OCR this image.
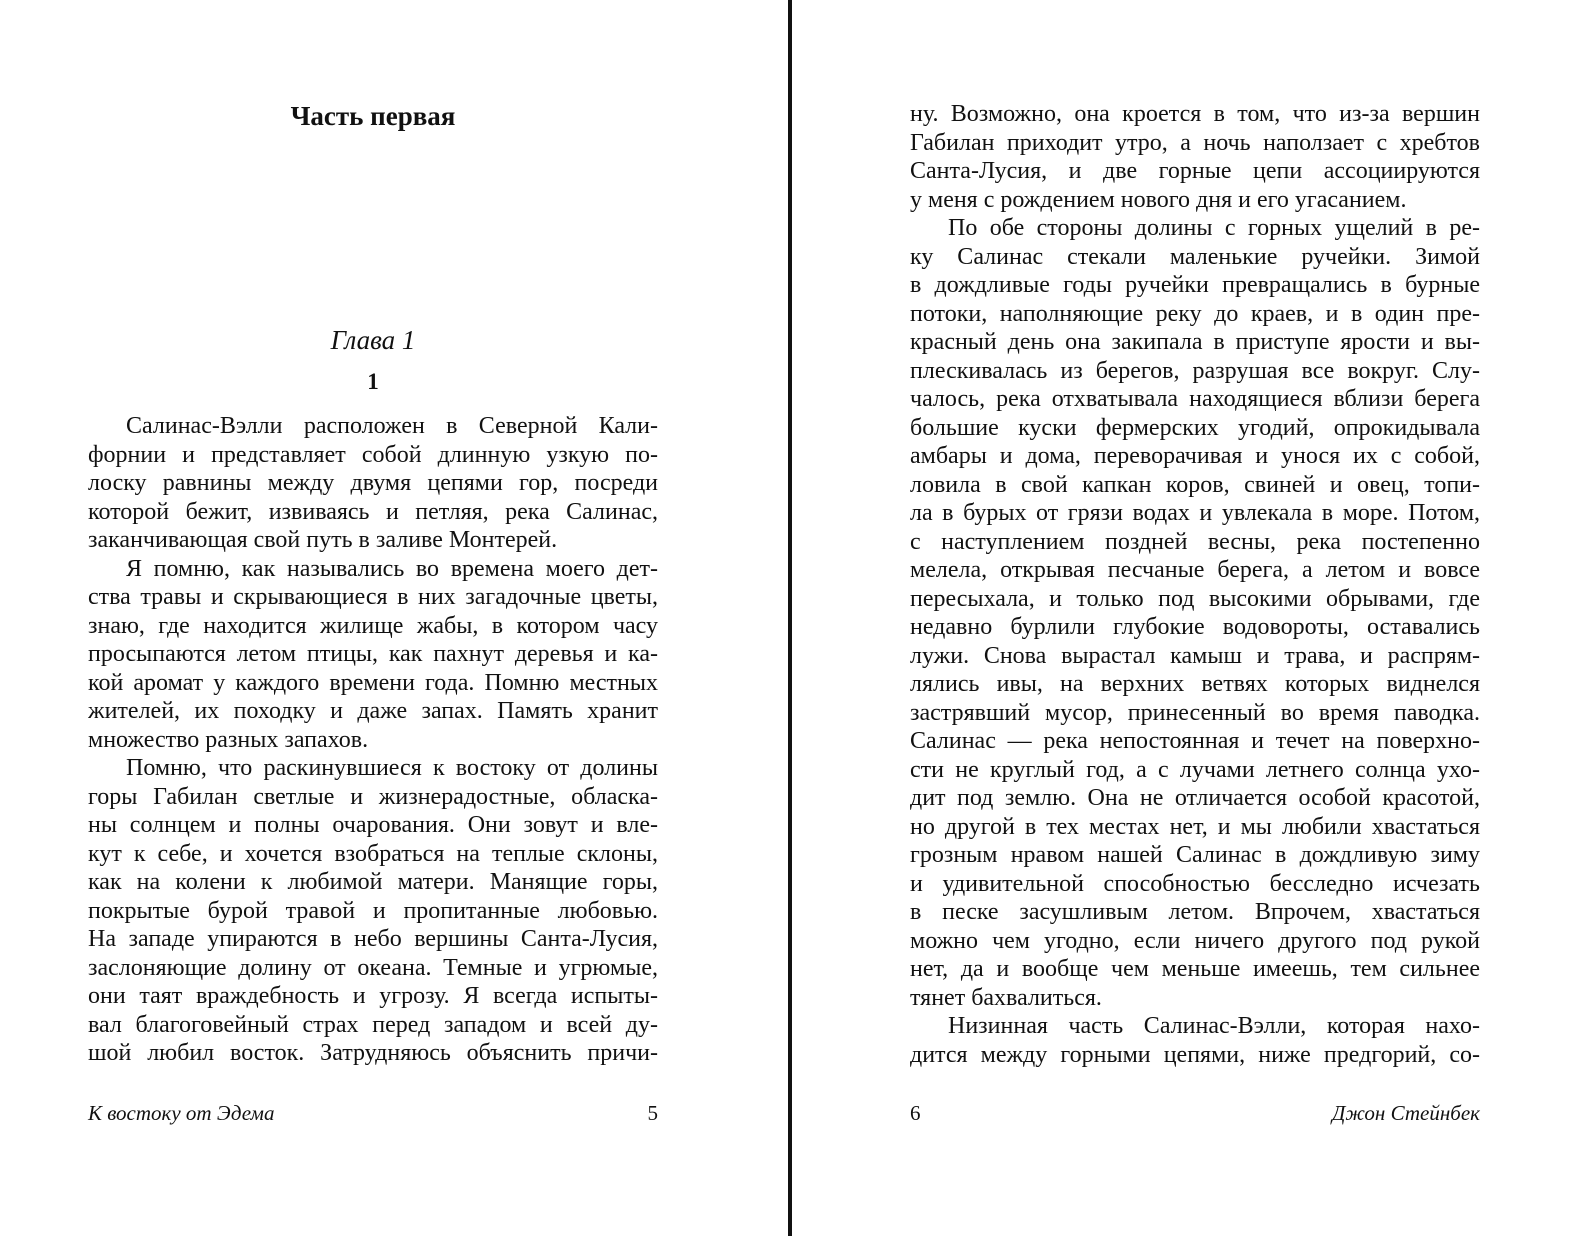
Часть первая
Глава 1
1
Салинас-Вэлли расположен в Северной Кали-
форнии и представляет собой длинную узкую по-
лоску равнины между двумя цепями гор, посреди
которой бежит, извиваясь и петляя, река Салинас,
заканчивающая свой путь в заливе Монтерей.
Я помню, как назывались во времена моего дет-
ства травы и скрывающиеся в них загадочные цветы,
знаю, где находится жилище жабы, в котором часу
просыпаются летом птицы, как пахнут деревья и ка-
кой аромат у каждого времени года. Помню местных
жителей, их походку и даже запах. Память хранит
множество разных запахов.
Помню, что раскинувшиеся к востоку от долины
горы Габилан светлые и жизнерадостные, обласка-
ны солнцем и полны очарования. Они зовут и вле-
кут к себе, и хочется взобраться на теплые склоны,
как на колени к любимой матери. Манящие горы,
покрытые бурой травой и пропитанные любовью.
На западе упираются в небо вершины Санта-Лусия,
заслоняющие долину от океана. Темные и угрюмые,
они таят враждебность и угрозу. Я всегда испыты-
вал благоговейный страх перед западом и всей ду-
шой любил восток. Затрудняюсь объяснить причи-
К востоку от Эдема	5
ну. Возможно, она кроется в том, что из-за вершин
Габилан приходит утро, а ночь наползает с хребтов
Санта-Лусия, и две горные цепи ассоциируются
у меня с рождением нового дня и его угасанием.
По обе стороны долины с горных ущелий в ре-
ку Салинас стекали маленькие ручейки. Зимой
в дождливые годы ручейки превращались в бурные
потоки, наполняющие реку до краев, и в один пре-
красный день она закипала в приступе ярости и вы-
плескивалась из берегов, разрушая все вокруг. Слу-
чалось, река отхватывала находящиеся вблизи берега
большие куски фермерских угодий, опрокидывала
амбары и дома, переворачивая и унося их с собой,
ловила в свой капкан коров, свиней и овец, топи-
ла в бурых от грязи водах и увлекала в море. Потом,
с наступлением поздней весны, река постепенно
мелела, открывая песчаные берега, а летом и вовсе
пересыхала, и только под высокими обрывами, где
недавно бурлили глубокие водовороты, оставались
лужи. Снова вырастал камыш и трава, и распрям-
лялись ивы, на верхних ветвях которых виднелся
застрявший мусор, принесенный во время паводка.
Салинас — река непостоянная и течет на поверхно-
сти не круглый год, а с лучами летнего солнца ухо-
дит под землю. Она не отличается особой красотой,
но другой в тех местах нет, и мы любили хвастаться
грозным нравом нашей Салинас в дождливую зиму
и удивительной способностью бесследно исчезать
в песке засушливым летом. Впрочем, хвастаться
можно чем угодно, если ничего другого под рукой
нет, да и вообще чем меньше имеешь, тем сильнее
тянет бахвалиться.
Низинная часть Салинас-Вэлли, которая нахо-
дится между горными цепями, ниже предгорий, со-
6	Джон Стейнбек
